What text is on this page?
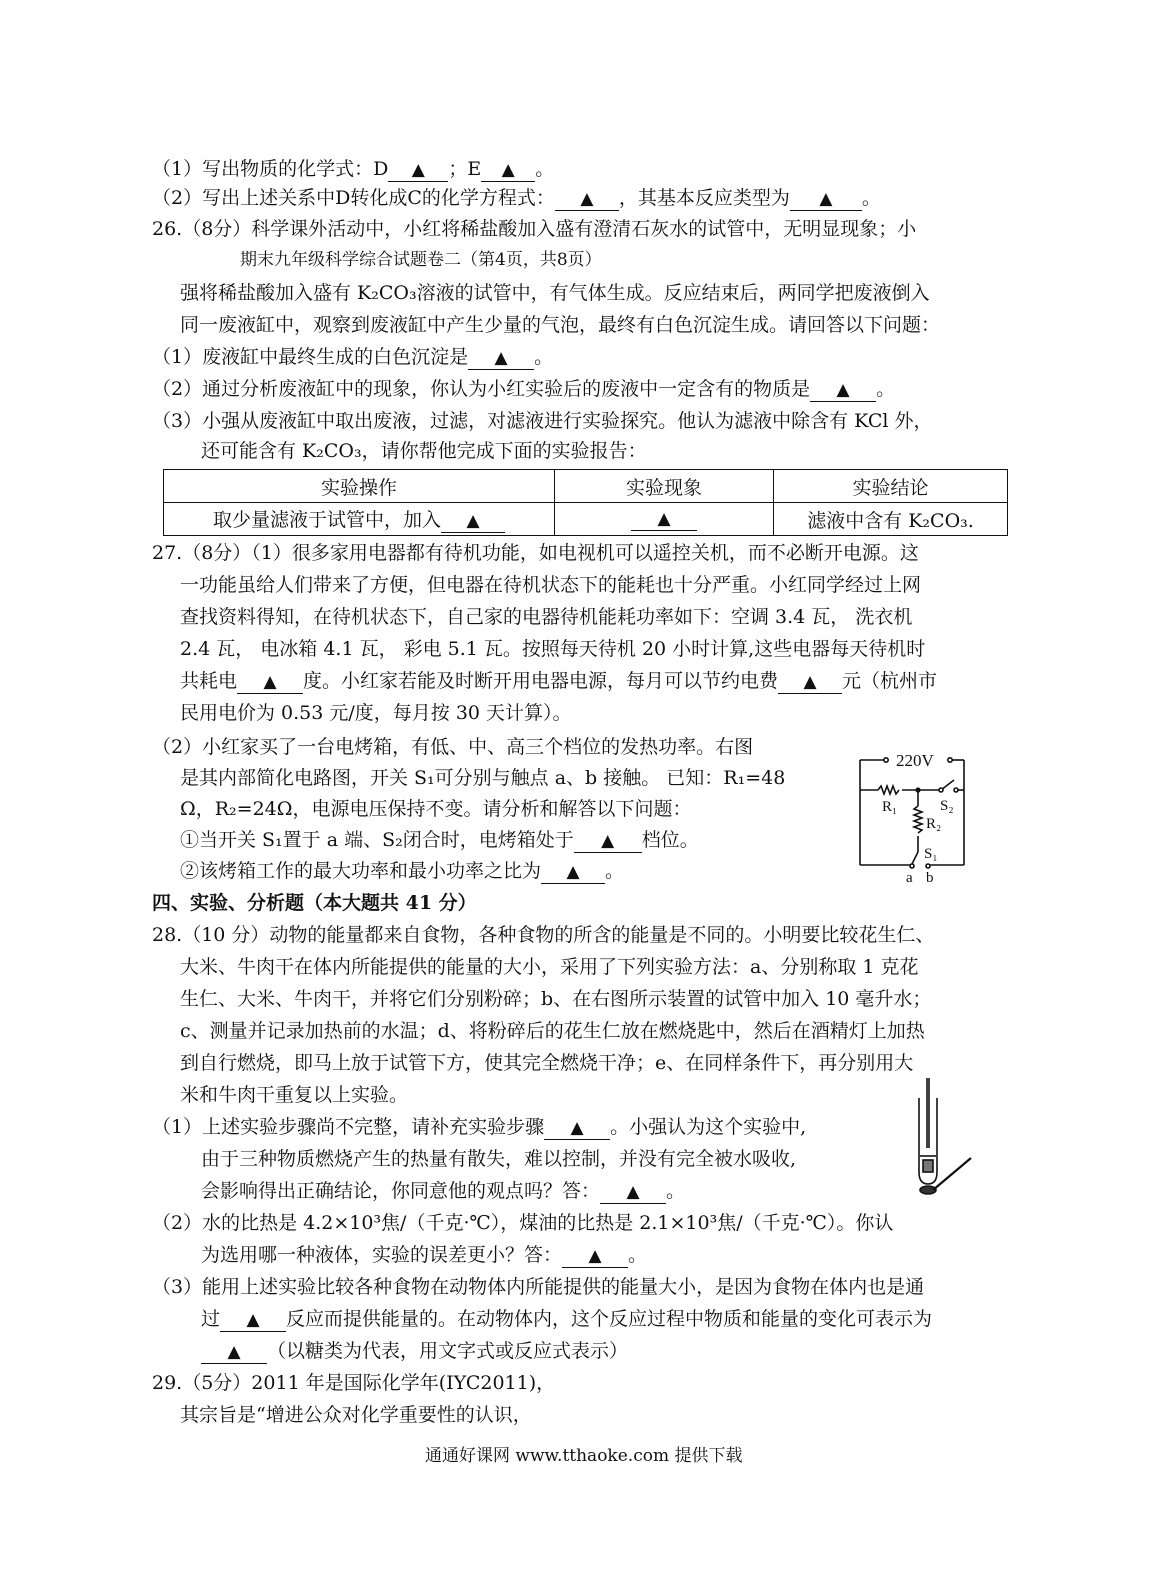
（1）写出物质的化学式：D ▲ ；E ▲ 。
（2）写出上述关系中D转化成C的化学方程式： ▲ ，其基本反应类型为 ▲ 。
26.（8分）科学课外活动中，小红将稀盐酸加入盛有澄清石灰水的试管中，无明显现象；小
期末九年级科学综合试题卷二（第4页，共8页）
强将稀盐酸加入盛有 K₂CO₃溶液的试管中，有气体生成。反应结束后，两同学把废液倒入
同一废液缸中，观察到废液缸中产生少量的气泡，最终有白色沉淀生成。请回答以下问题：
（1）废液缸中最终生成的白色沉淀是 ▲ 。
（2）通过分析废液缸中的现象，你认为小红实验后的废液中一定含有的物质是 ▲ 。
（3）小强从废液缸中取出废液，过滤，对滤液进行实验探究。他认为滤液中除含有 KCl 外，
还可能含有 K₂CO₃，请你帮他完成下面的实验报告：
实验操作	实验现象	实验结论
取少量滤液于试管中，加入 ▲	▲	滤液中含有 K₂CO₃.
27.（8分）（1）很多家用电器都有待机功能，如电视机可以遥控关机，而不必断开电源。这
一功能虽给人们带来了方便，但电器在待机状态下的能耗也十分严重。小红同学经过上网
查找资料得知，在待机状态下，自己家的电器待机能耗功率如下：空调 3.4 瓦， 洗衣机
2.4 瓦， 电冰箱 4.1 瓦， 彩电 5.1 瓦。按照每天待机 20 小时计算,这些电器每天待机时
共耗电 ▲ 度。小红家若能及时断开用电器电源，每月可以节约电费 ▲ 元（杭州市
民用电价为 0.53 元/度，每月按 30 天计算）。
（2）小红家买了一台电烤箱，有低、中、高三个档位的发热功率。右图
是其内部简化电路图，开关 S₁可分别与触点 a、b 接触。 已知：R₁=48
Ω，R₂=24Ω，电源电压保持不变。请分析和解答以下问题：
①当开关 S₁置于 a 端、S₂闭合时，电烤箱处于 ▲ 档位。
②该烤箱工作的最大功率和最小功率之比为 ▲ 。
220V
R₁	S₂
R₂
S₁
a b
四、实验、分析题（本大题共 41 分）
28.（10 分）动物的能量都来自食物，各种食物的所含的能量是不同的。小明要比较花生仁、
大米、牛肉干在体内所能提供的能量的大小，采用了下列实验方法：a、分别称取 1 克花
生仁、大米、牛肉干，并将它们分别粉碎；b、在右图所示装置的试管中加入 10 毫升水；
c、测量并记录加热前的水温；d、将粉碎后的花生仁放在燃烧匙中，然后在酒精灯上加热
到自行燃烧，即马上放于试管下方，使其完全燃烧干净；e、在同样条件下，再分别用大
米和牛肉干重复以上实验。
（1）上述实验步骤尚不完整，请补充实验步骤 ▲ 。小强认为这个实验中,
由于三种物质燃烧产生的热量有散失，难以控制，并没有完全被水吸收,
会影响得出正确结论，你同意他的观点吗？答： ▲ 。
（2）水的比热是 4.2×10³焦/（千克·℃），煤油的比热是 2.1×10³焦/（千克·℃）。你认
为选用哪一种液体，实验的误差更小？答： ▲ 。
（3）能用上述实验比较各种食物在动物体内所能提供的能量大小，是因为食物在体内也是通
过 ▲ 反应而提供能量的。在动物体内，这个反应过程中物质和能量的变化可表示为
▲ （以糖类为代表，用文字式或反应式表示）
29.（5分）2011 年是国际化学年(IYC2011)，
其宗旨是“增进公众对化学重要性的认识，
通通好课网 www.tthaoke.com 提供下载
